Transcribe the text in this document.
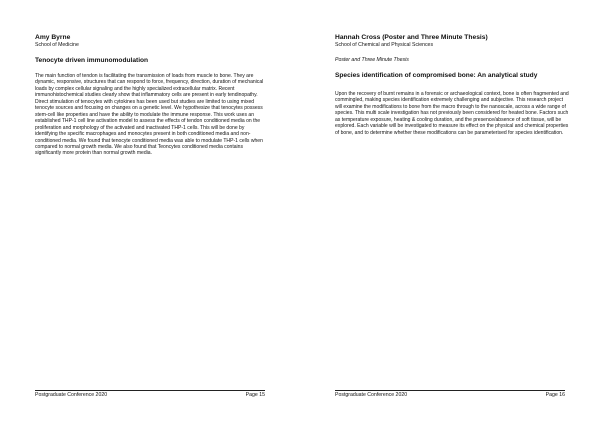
Amy Byrne
School of Medicine
Tenocyte driven immunomodulation

The main function of tendon is facilitating the transmission of loads from muscle to bone. They are dynamic, responsive, structures that can respond to force, frequency, direction, duration of mechanical loads by complex cellular signaling and the highly specialized extracellular matrix. Recent immunohistochemical studies clearly show that inflammatory cells are present in early tendinopathy. Direct stimulation of tenocytes with cytokines has been used but studies are limited to using mixed tenocyte sources and focusing on changes on a genetic level. We hypothesize that tenocytes possess stem-cell like properties and have the ability to modulate the immune response. This work uses an established THP-1 cell line activation model to assess the effects of tendon conditioned media on the proliferation and morphology of the activated and inactivated THP-1 cells. This will be done by identifying the specific macrophages and monocytes present in both conditioned media and non-conditioned media. We found that tenocyte conditioned media was able to modulate THP-1 cells when compared to normal growth media. We also found that Teoncytes conditioned media contains significantly more protein than normal growth media.

Postgraduate Conference 2020	Page 15
Hannah Cross (Poster and Three Minute Thesis)
School of Chemical and Physical Sciences
Poster and Three Minute Thesis
Species identification of compromised bone: An analytical study

Upon the recovery of burnt remains in a forensic or archaeological context, bone is often fragmented and commingled, making species identification extremely challenging and subjective. This research project will examine the modifications to bone from the macro through to the nanoscale, across a wide range of species. This multi scale investigation has not previously been considered for heated bone. Factors such as temperature exposure, heating & cooling duration, and the presence/absence of soft tissue, will be explored. Each variable will be investigated to measure its effect on the physical and chemical properties of bone, and to determine whether these modifications can be parameterised for species identification.

Postgraduate Conference 2020	Page 16
